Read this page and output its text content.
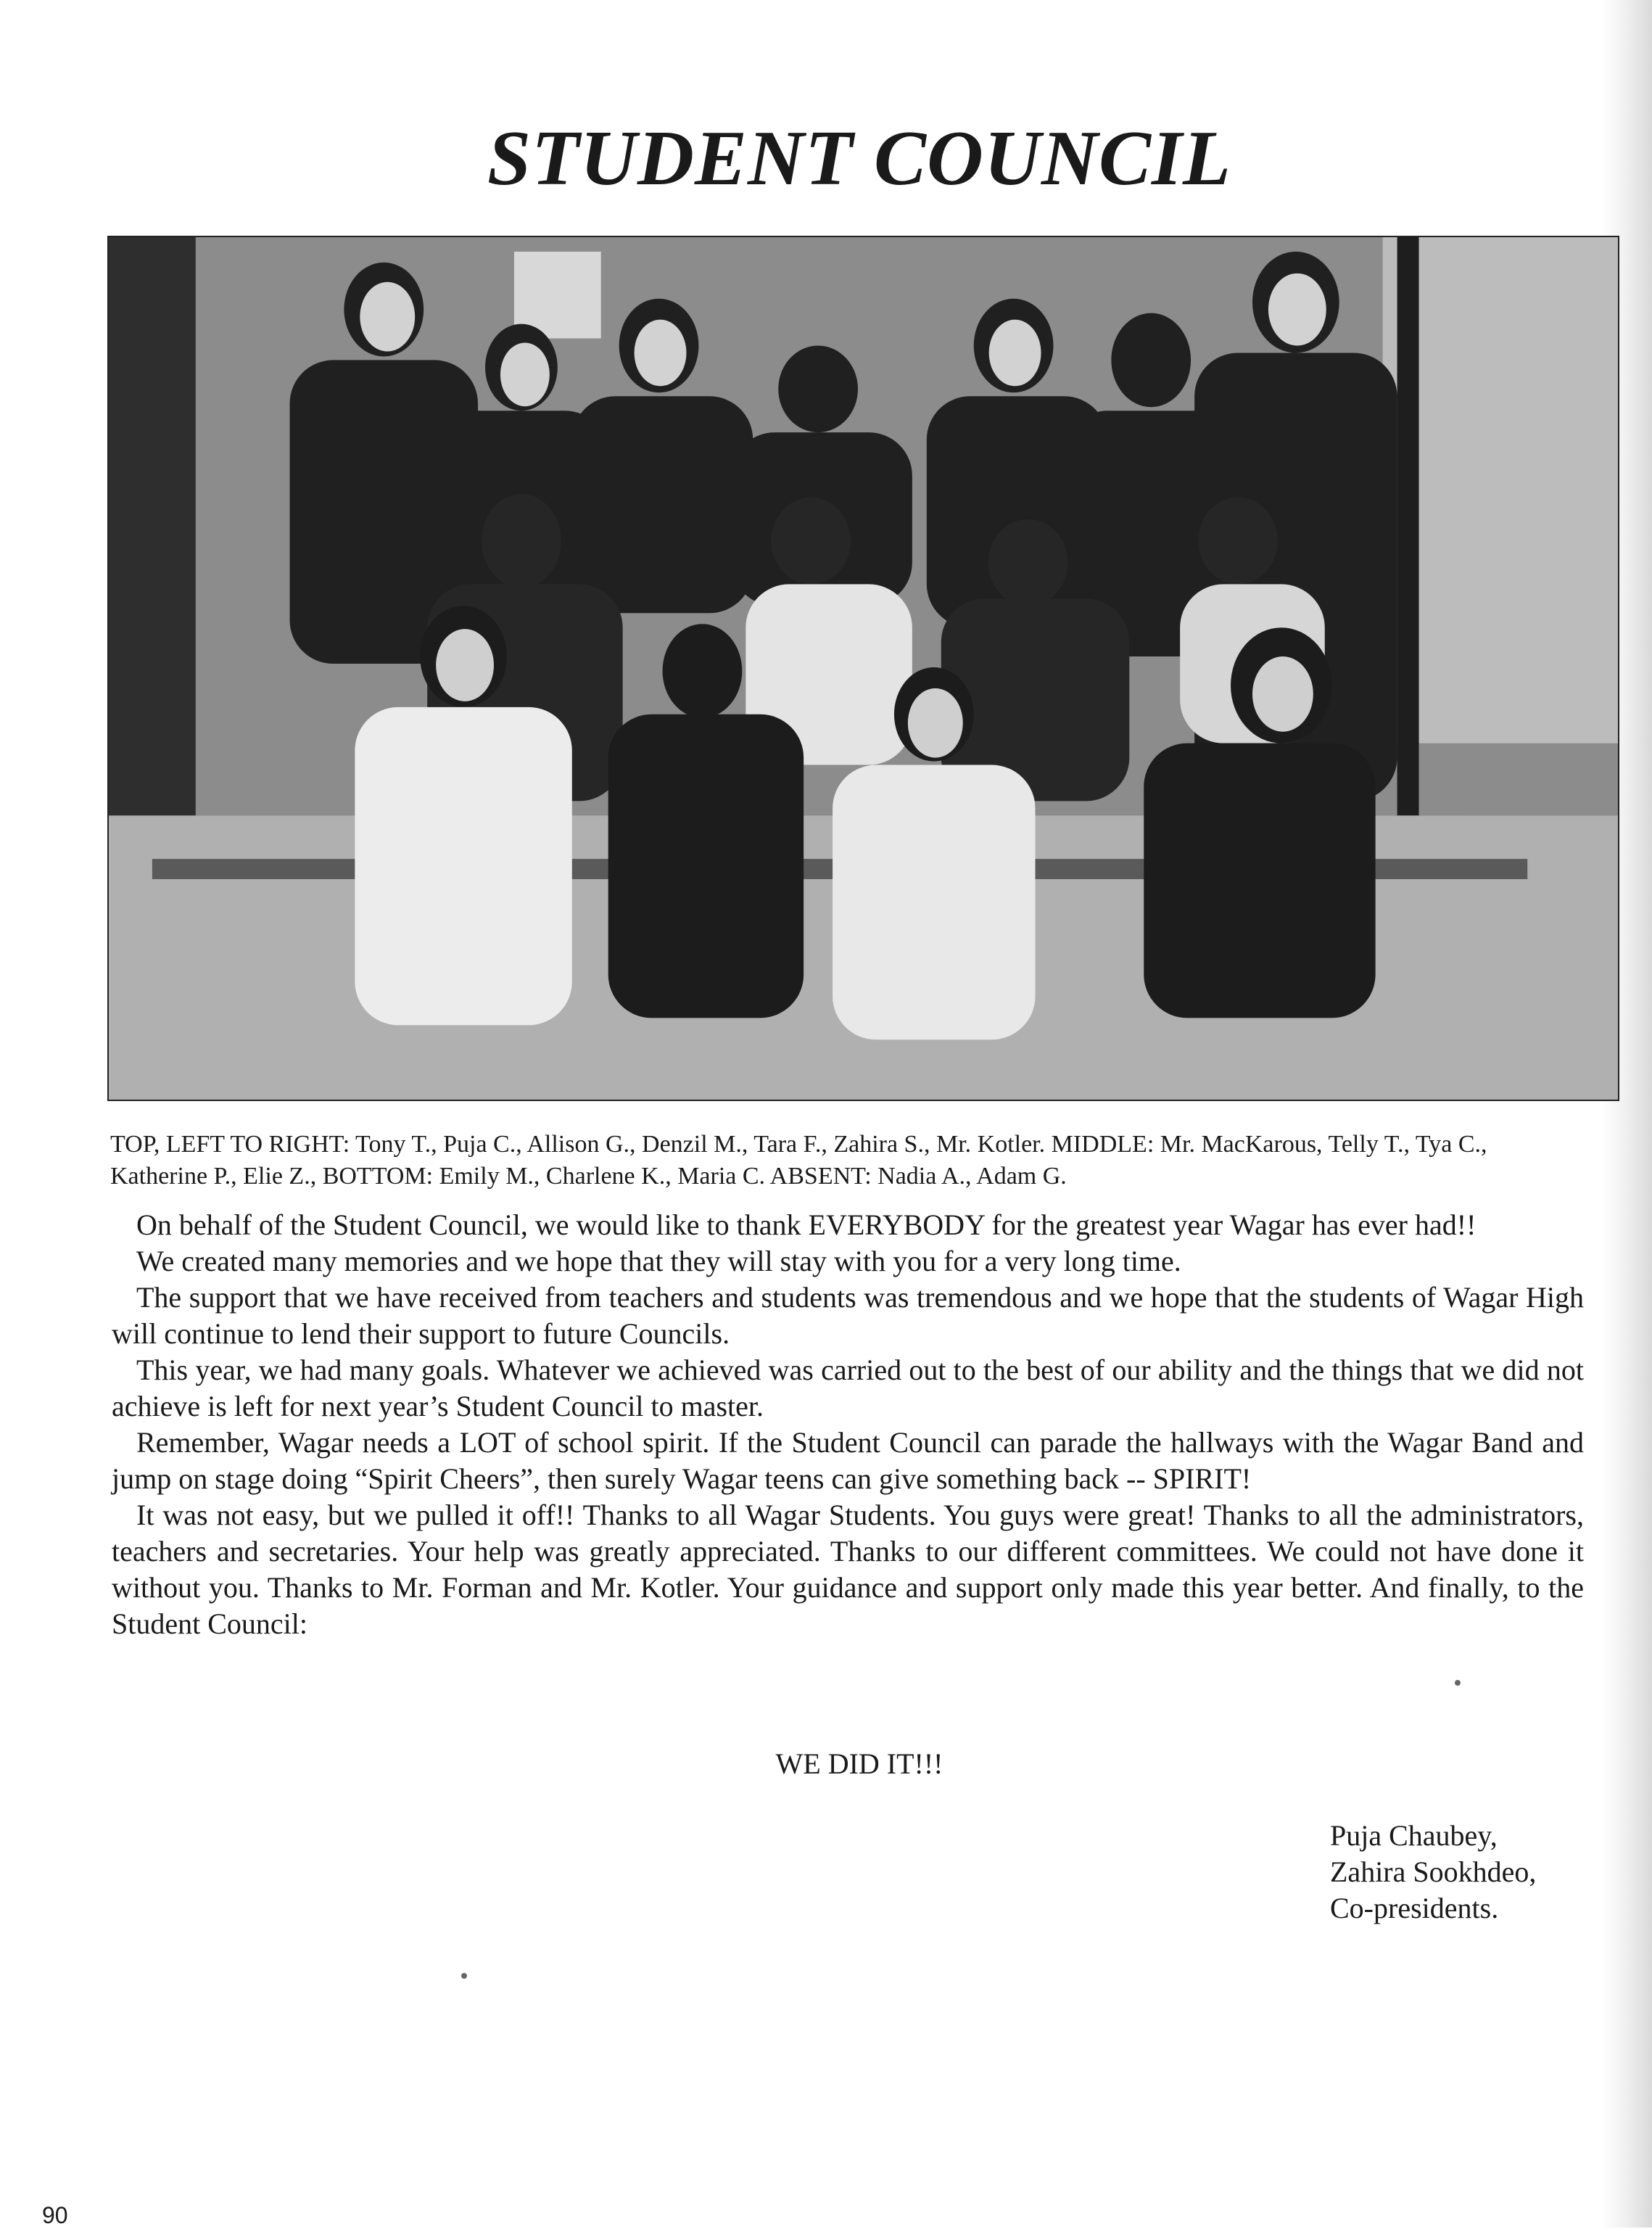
STUDENT COUNCIL

TOP, LEFT TO RIGHT: Tony T., Puja C., Allison G., Denzil M., Tara F., Zahira S., Mr. Kotler. MIDDLE: Mr. MacKarous, Telly T., Tya C., Katherine P., Elie Z., BOTTOM: Emily M., Charlene K., Maria C. ABSENT: Nadia A., Adam G.

On behalf of the Student Council, we would like to thank EVERYBODY for the greatest year Wagar has ever had!!

We created many memories and we hope that they will stay with you for a very long time.

The support that we have received from teachers and students was tremendous and we hope that the students of Wagar High will continue to lend their support to future Councils.

This year, we had many goals. Whatever we achieved was carried out to the best of our ability and the things that we did not achieve is left for next year’s Student Council to master.

Remember, Wagar needs a LOT of school spirit. If the Student Council can parade the hallways with the Wagar Band and jump on stage doing “Spirit Cheers”, then surely Wagar teens can give something back -- SPIRIT!

It was not easy, but we pulled it off!! Thanks to all Wagar Students. You guys were great! Thanks to all the administrators, teachers and secretaries. Your help was greatly appreciated. Thanks to our different committees. We could not have done it without you. Thanks to Mr. Forman and Mr. Kotler. Your guidance and support only made this year better. And finally, to the Student Council:

WE DID IT!!!

Puja Chaubey,
Zahira Sookhdeo,
Co-presidents.
90
